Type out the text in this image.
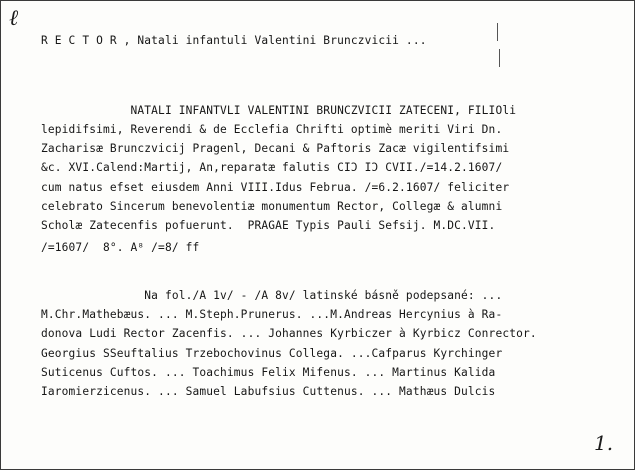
ℓ
R E C T O R , Natali infantuli Valentini Brunczvicii ...
NATALI INFANTVLI VALENTINI BRUNCZVICII ZATECENI, FILIOli
lepidifsimi, Reverendi & de Ecclefia Chrifti optimè meriti Viri Dn.
Zacharisæ Brunczvicij Pragenl, Decani & Paftoris Zacæ vigilentifsimi
&c. XVI.Calend:Martij, An,reparatæ falutis CIƆ IƆ CVII./=14.2.1607/
cum natus efset eiusdem Anni VIII.Idus Februa. /=6.2.1607/ feliciter
celebrato Sincerum benevolentiæ monumentum Rector, Collegæ & alumni
Scholæ Zatecenfis pofuerunt.  PRAGAE Typis Pauli Sefsij. M.DC.VII.
/=1607/  8°. A⁸ /=8/ ff
Na fol./A 1v/ - /A 8v/ latinské básně podepsané: ...
M.Chr.Mathebæus. ... M.Steph.Prunerus. ...M.Andreas Hercynius à Ra-
donova Ludi Rector Zacenfis. ... Johannes Kyrbiczer à Kyrbicz Conrector.
Georgius SSeuftalius Trzebochovinus Collega. ...Cafparus Kyrchinger
Suticenus Cuftos. ... Toachimus Felix Mifenus. ... Martinus Kalida
Iaromierzicenus. ... Samuel Labufsius Cuttenus. ... Mathæus Dulcis
1.
